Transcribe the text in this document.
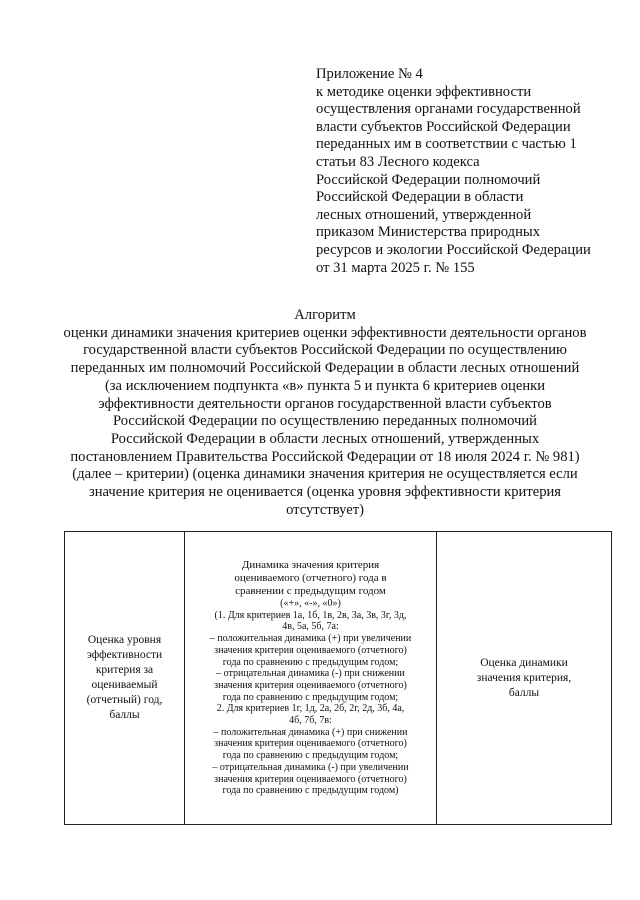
Приложение № 4
к методике оценки эффективности
осуществления органами государственной
власти субъектов Российской Федерации
переданных им в соответствии с частью 1
статьи 83 Лесного кодекса
Российской Федерации полномочий
Российской Федерации в области
лесных отношений, утвержденной
приказом Министерства природных
ресурсов и экологии Российской Федерации
от 31 марта 2025 г. № 155
Алгоритм
оценки динамики значения критериев оценки эффективности деятельности органов
государственной власти субъектов Российской Федерации по осуществлению
переданных им полномочий Российской Федерации в области лесных отношений
(за исключением подпункта «в» пункта 5 и пункта 6 критериев оценки
эффективности деятельности органов государственной власти субъектов
Российской Федерации по осуществлению переданных полномочий
Российской Федерации в области лесных отношений, утвержденных
постановлением Правительства Российской Федерации от 18 июля 2024 г. № 981)
(далее – критерии) (оценка динамики значения критерия не осуществляется если
значение критерия не оценивается (оценка уровня эффективности критерия
отсутствует)
Оценка уровня
эффективности
критерия за
оцениваемый
(отчетный) год,
баллы

Динамика значения критерия
оцениваемого (отчетного) года в
сравнении с предыдущим годом
(«+», «-», «0»)
(1. Для критериев 1а, 1б, 1в, 2в, 3а, 3в, 3г, 3д,
4в, 5а, 5б, 7а:
– положительная динамика (+) при увеличении
значения критерия оцениваемого (отчетного)
года по сравнению с предыдущим годом;
– отрицательная динамика (-) при снижении
значения критерия оцениваемого (отчетного)
года по сравнению с предыдущим годом;
2. Для критериев 1г, 1д, 2а, 2б, 2г, 2д, 3б, 4а,
4б, 7б, 7в:
– положительная динамика (+) при снижении
значения критерия оцениваемого (отчетного)
года по сравнению с предыдущим годом;
– отрицательная динамика (-) при увеличении
значения критерия оцениваемого (отчетного)
года по сравнению с предыдущим годом)

Оценка динамики
значения критерия,
баллы
